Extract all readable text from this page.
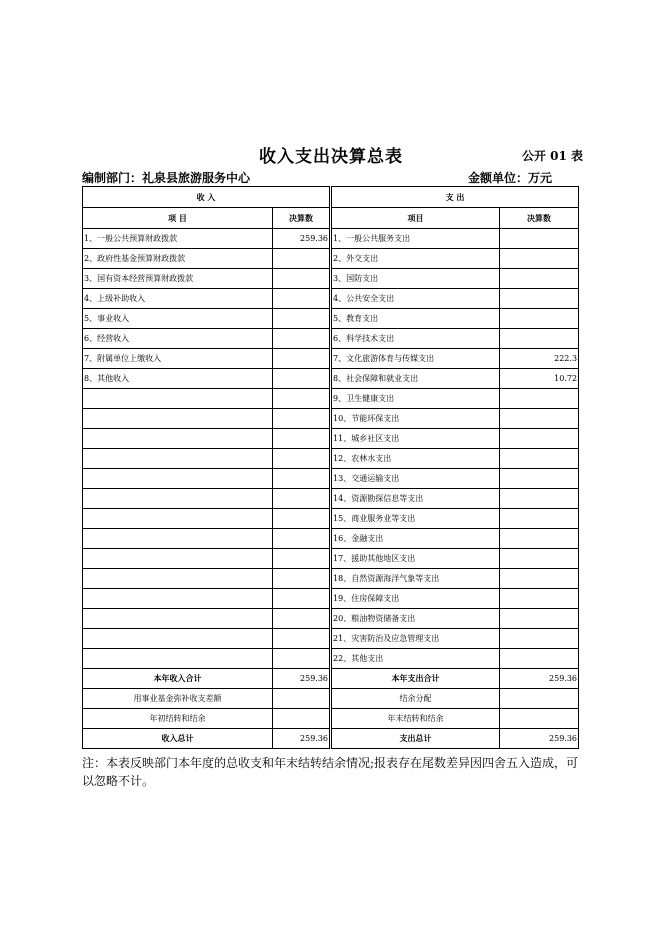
收入支出决算总表	公开 01 表
编制部门：礼泉县旅游服务中心	金额单位：万元
收 入			支 出	
项 目	决算数		项目	决算数
1、一般公共预算财政拨款	259.36		1、一般公共服务支出	
2、政府性基金预算财政拨款			2、外交支出	
3、国有资本经营预算财政拨款			3、国防支出	
4、上级补助收入			4、公共安全支出	
5、事业收入			5、教育支出	
6、经营收入			6、科学技术支出	
7、附属单位上缴收入			7、文化旅游体育与传媒支出	222.3
8、其他收入			8、社会保障和就业支出	10.72
			9、卫生健康支出	
			10、节能环保支出	
			11、城乡社区支出	
			12、农林水支出	
			13、交通运输支出	
			14、资源勘探信息等支出	
			15、商业服务业等支出	
			16、金融支出	
			17、援助其他地区支出	
			18、自然资源海洋气象等支出	
			19、住房保障支出	
			20、粮油物资储备支出	
			21、灾害防治及应急管理支出	
			22、其他支出	
本年收入合计	259.36		本年支出合计	259.36
用事业基金弥补收支差额			结余分配	
年初结转和结余			年末结转和结余	
收入总计	259.36		支出总计	259.36
注：本表反映部门本年度的总收支和年末结转结余情况;报表存在尾数差异因四舍五入造成，可以忽略不计。
